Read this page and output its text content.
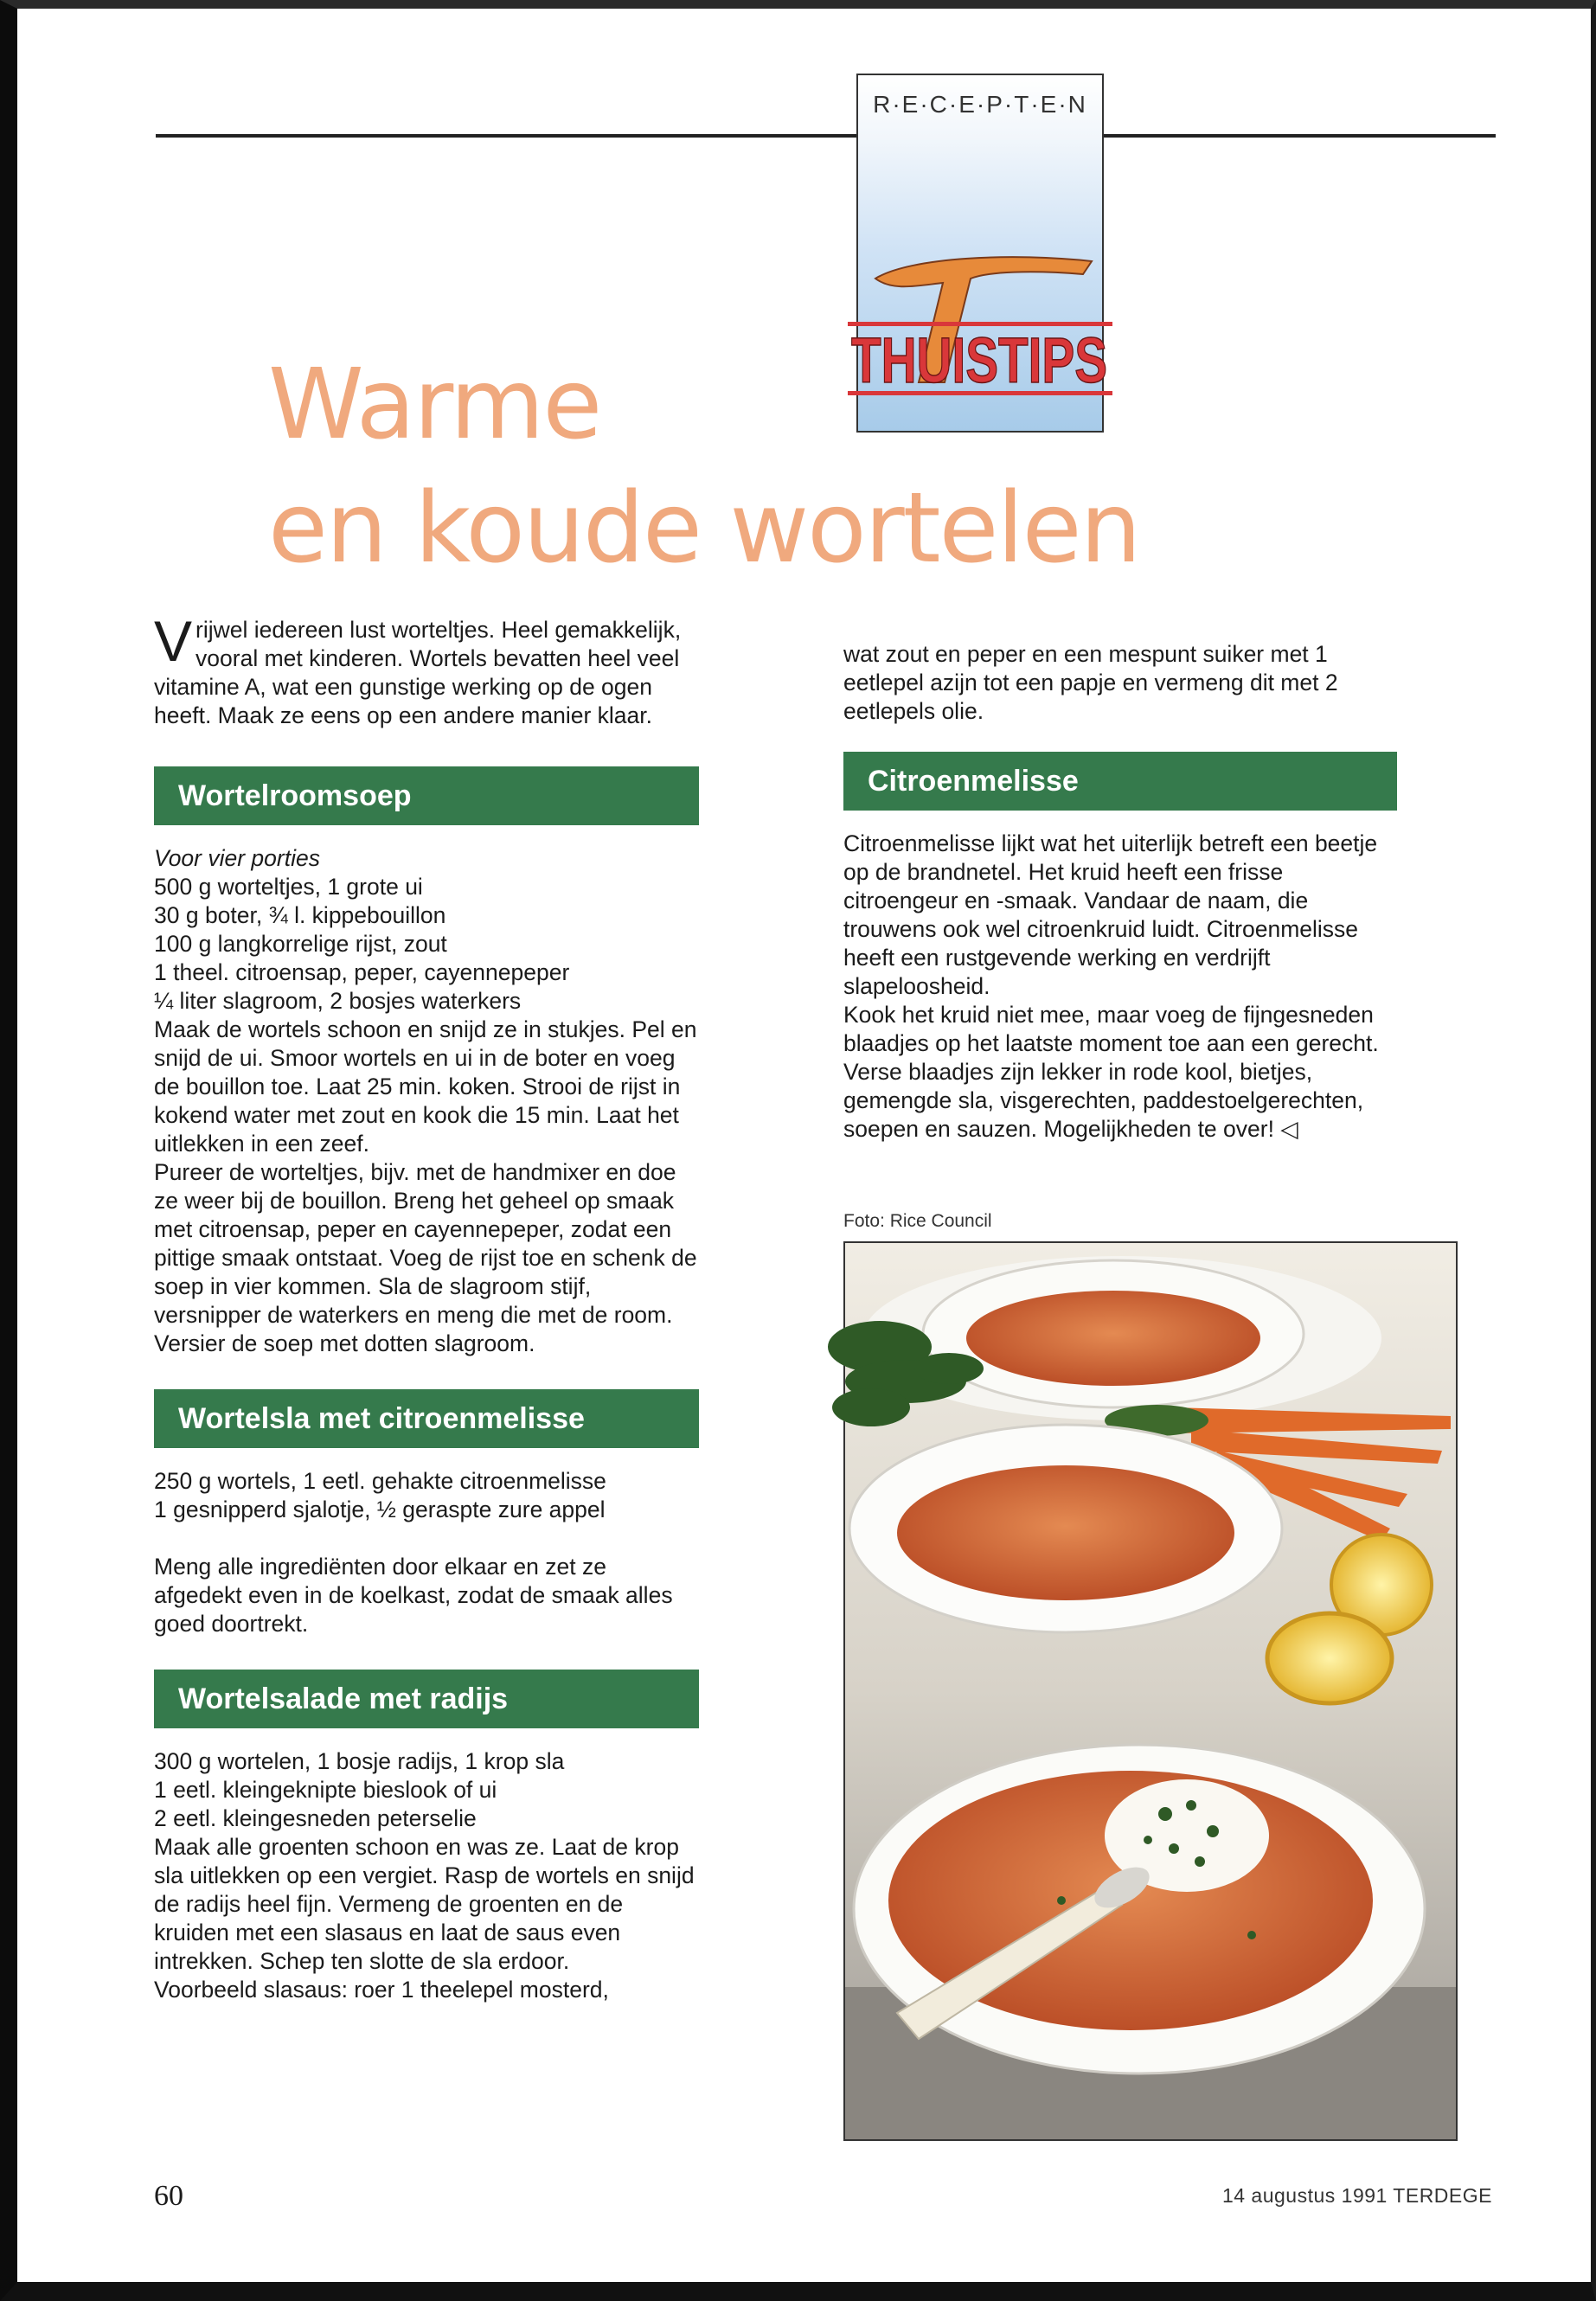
R·E·C·E·P·T·E·N
THUISTIPS
Warme
en koude wortelen

Vrijwel iedereen lust worteltjes. Heel gemakkelijk, vooral met kinderen. Wortels bevatten heel veel vitamine A, wat een gunstige werking op de ogen heeft. Maak ze eens op een andere manier klaar.

Wortelroomsoep

Voor vier porties

500 g worteltjes, 1 grote ui

30 g boter, ¾ l. kippebouillon

100 g langkorrelige rijst, zout

1 theel. citroensap, peper, cayennepeper

¼ liter slagroom, 2 bosjes waterkers

Maak de wortels schoon en snijd ze in stukjes. Pel en snijd de ui. Smoor wortels en ui in de boter en voeg de bouillon toe. Laat 25 min. koken. Strooi de rijst in kokend water met zout en kook die 15 min. Laat het uitlekken in een zeef.

Pureer de worteltjes, bijv. met de handmixer en doe ze weer bij de bouillon. Breng het geheel op smaak met citroensap, peper en cayennepeper, zodat een pittige smaak ontstaat. Voeg de rijst toe en schenk de soep in vier kommen. Sla de slagroom stijf, versnipper de waterkers en meng die met de room. Versier de soep met dotten slagroom.

Wortelsla met citroenmelisse

250 g wortels, 1 eetl. gehakte citroenmelisse

1 gesnipperd sjalotje, ½ geraspte zure appel

Meng alle ingrediënten door elkaar en zet ze afgedekt even in de koelkast, zodat de smaak alles goed doortrekt.

Wortelsalade met radijs

300 g wortelen, 1 bosje radijs, 1 krop sla

1 eetl. kleingeknipte bieslook of ui

2 eetl. kleingesneden peterselie

Maak alle groenten schoon en was ze. Laat de krop sla uitlekken op een vergiet. Rasp de wortels en snijd de radijs heel fijn. Vermeng de groenten en de kruiden met een slasaus en laat de saus even intrekken. Schep ten slotte de sla erdoor.

Voorbeeld slasaus: roer 1 theelepel mosterd,

wat zout en peper en een mespunt suiker met 1 eetlepel azijn tot een papje en vermeng dit met 2 eetlepels olie.

Citroenmelisse

Citroenmelisse lijkt wat het uiterlijk betreft een beetje op de brandnetel. Het kruid heeft een frisse citroengeur en -smaak. Vandaar de naam, die trouwens ook wel citroenkruid luidt. Citroenmelisse heeft een rustgevende werking en verdrijft slapeloosheid.

Kook het kruid niet mee, maar voeg de fijngesneden blaadjes op het laatste moment toe aan een gerecht. Verse blaadjes zijn lekker in rode kool, bietjes, gemengde sla, visgerechten, paddestoelgerechten, soepen en sauzen. Mogelijkheden te over! ◁

Foto: Rice Council
60	14 augustus 1991 TERDEGE
